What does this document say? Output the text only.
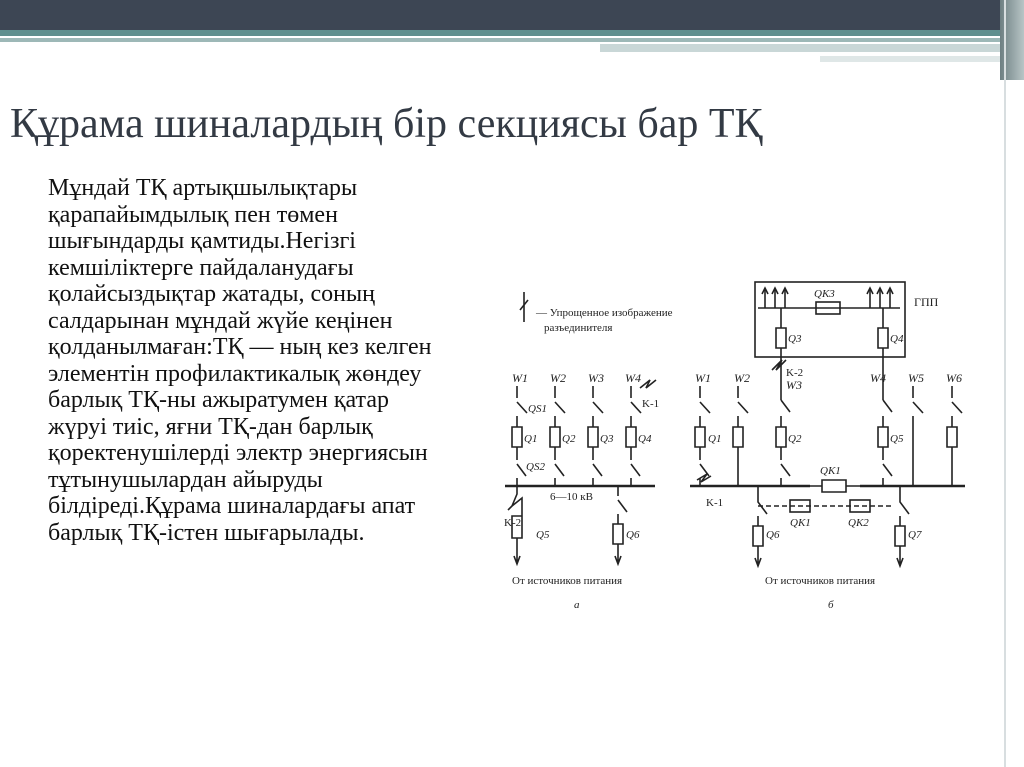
Құрама шиналардың бір секциясы бар ТҚ
Мұндай ТҚ артықшылықтары қарапайымдылық пен төмен шығындарды қамтиды.Негізгі кемшіліктерге пайдаланудағы қолайсыздықтар жатады, соның салдарынан мұндай жүйе кеңінен қолданылмаған:ТҚ — ның кез келген элементін профилактикалық жөндеу барлық ТҚ-ны ажыратумен қатар жүруі тиіс, яғни ТҚ-дан барлық қоректенушілерді электр энергиясын тұтынушылардан айыруды білдіреді.Құрама шиналардағы апат барлық ТҚ-істен шығарылады.
— Упрощенное изображение
разъединителя
W1 W2 W3 W4
QS1
Q1 Q2 Q3 Q4
QS2
K-1
6—10 кВ
K-2
Q5	Q6
От источников питания
а
ГПП
QK3
Q3	Q4
K-2
W1 W2	W3	W4 W5 W6
Q1	Q2	Q5
QK1
K-1
QK1	QK2
Q6	Q7
От источников питания
б
